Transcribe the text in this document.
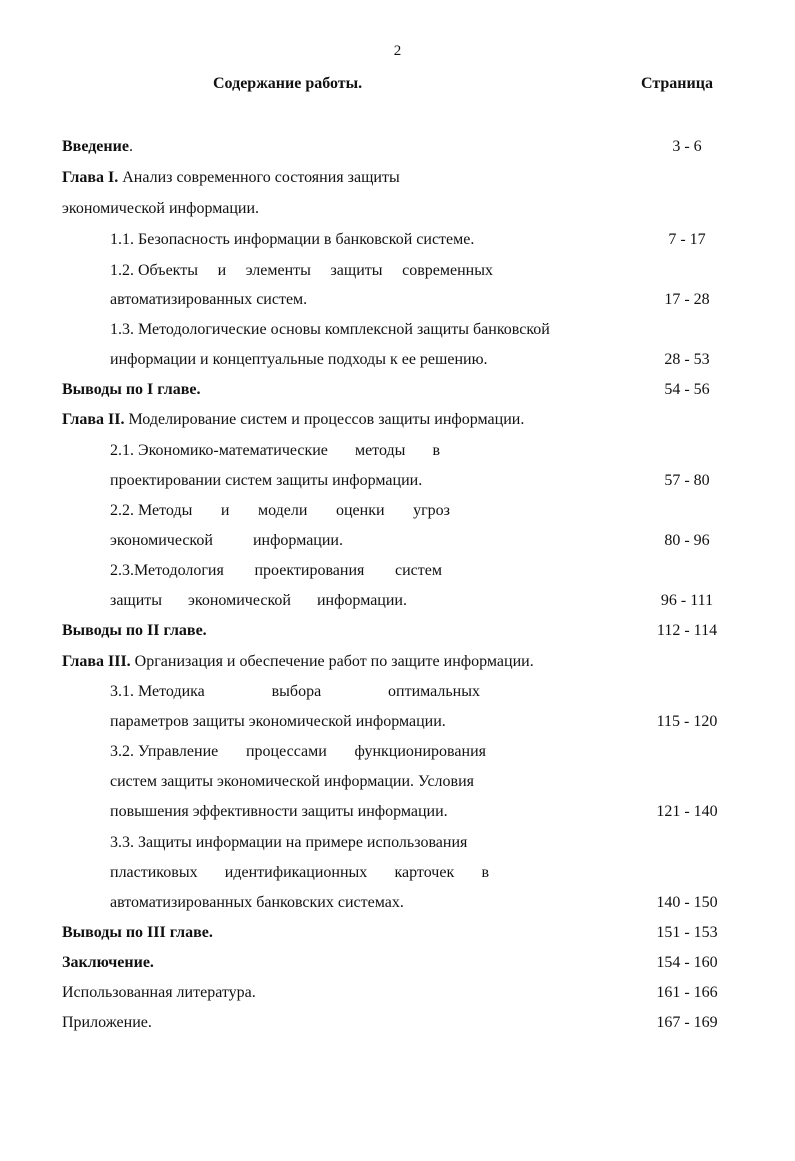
2
Содержание работы.	Страница
Введение.	3 - 6
Глава I. Анализ современного состояния защиты
экономической информации.
1.1. Безопасность информации в банковской системе.	7 - 17
1.2. Объекты и элементы защиты современных
автоматизированных систем.	17 - 28
1.3. Методологические основы комплексной защиты банковской
информации и концептуальные подходы к ее решению.	28 - 53
Выводы по I главе.	54 - 56
Глава II. Моделирование систем и процессов защиты информации.
2.1. Экономико-математические методы в
проектировании систем защиты информации.	57 - 80
2.2. Методы и модели оценки угроз
экономической информации.	80 - 96
2.3.Методология проектирования систем
защиты экономической информации.	96 - 111
Выводы по II главе.	112 - 114
Глава III. Организация и обеспечение работ по защите информации.
3.1. Методика	выбора	оптимальных
параметров защиты экономической информации.	115 - 120
3.2. Управление процессами функционирования
систем защиты экономической информации. Условия
повышения эффективности защиты информации.	121 - 140
3.3. Защиты информации на примере использования
пластиковых идентификационных карточек в
автоматизированных банковских системах.	140 - 150
Выводы по III главе.	151 - 153
Заключение.	154 - 160
Использованная литература.	161 - 166
Приложение.	167 - 169
